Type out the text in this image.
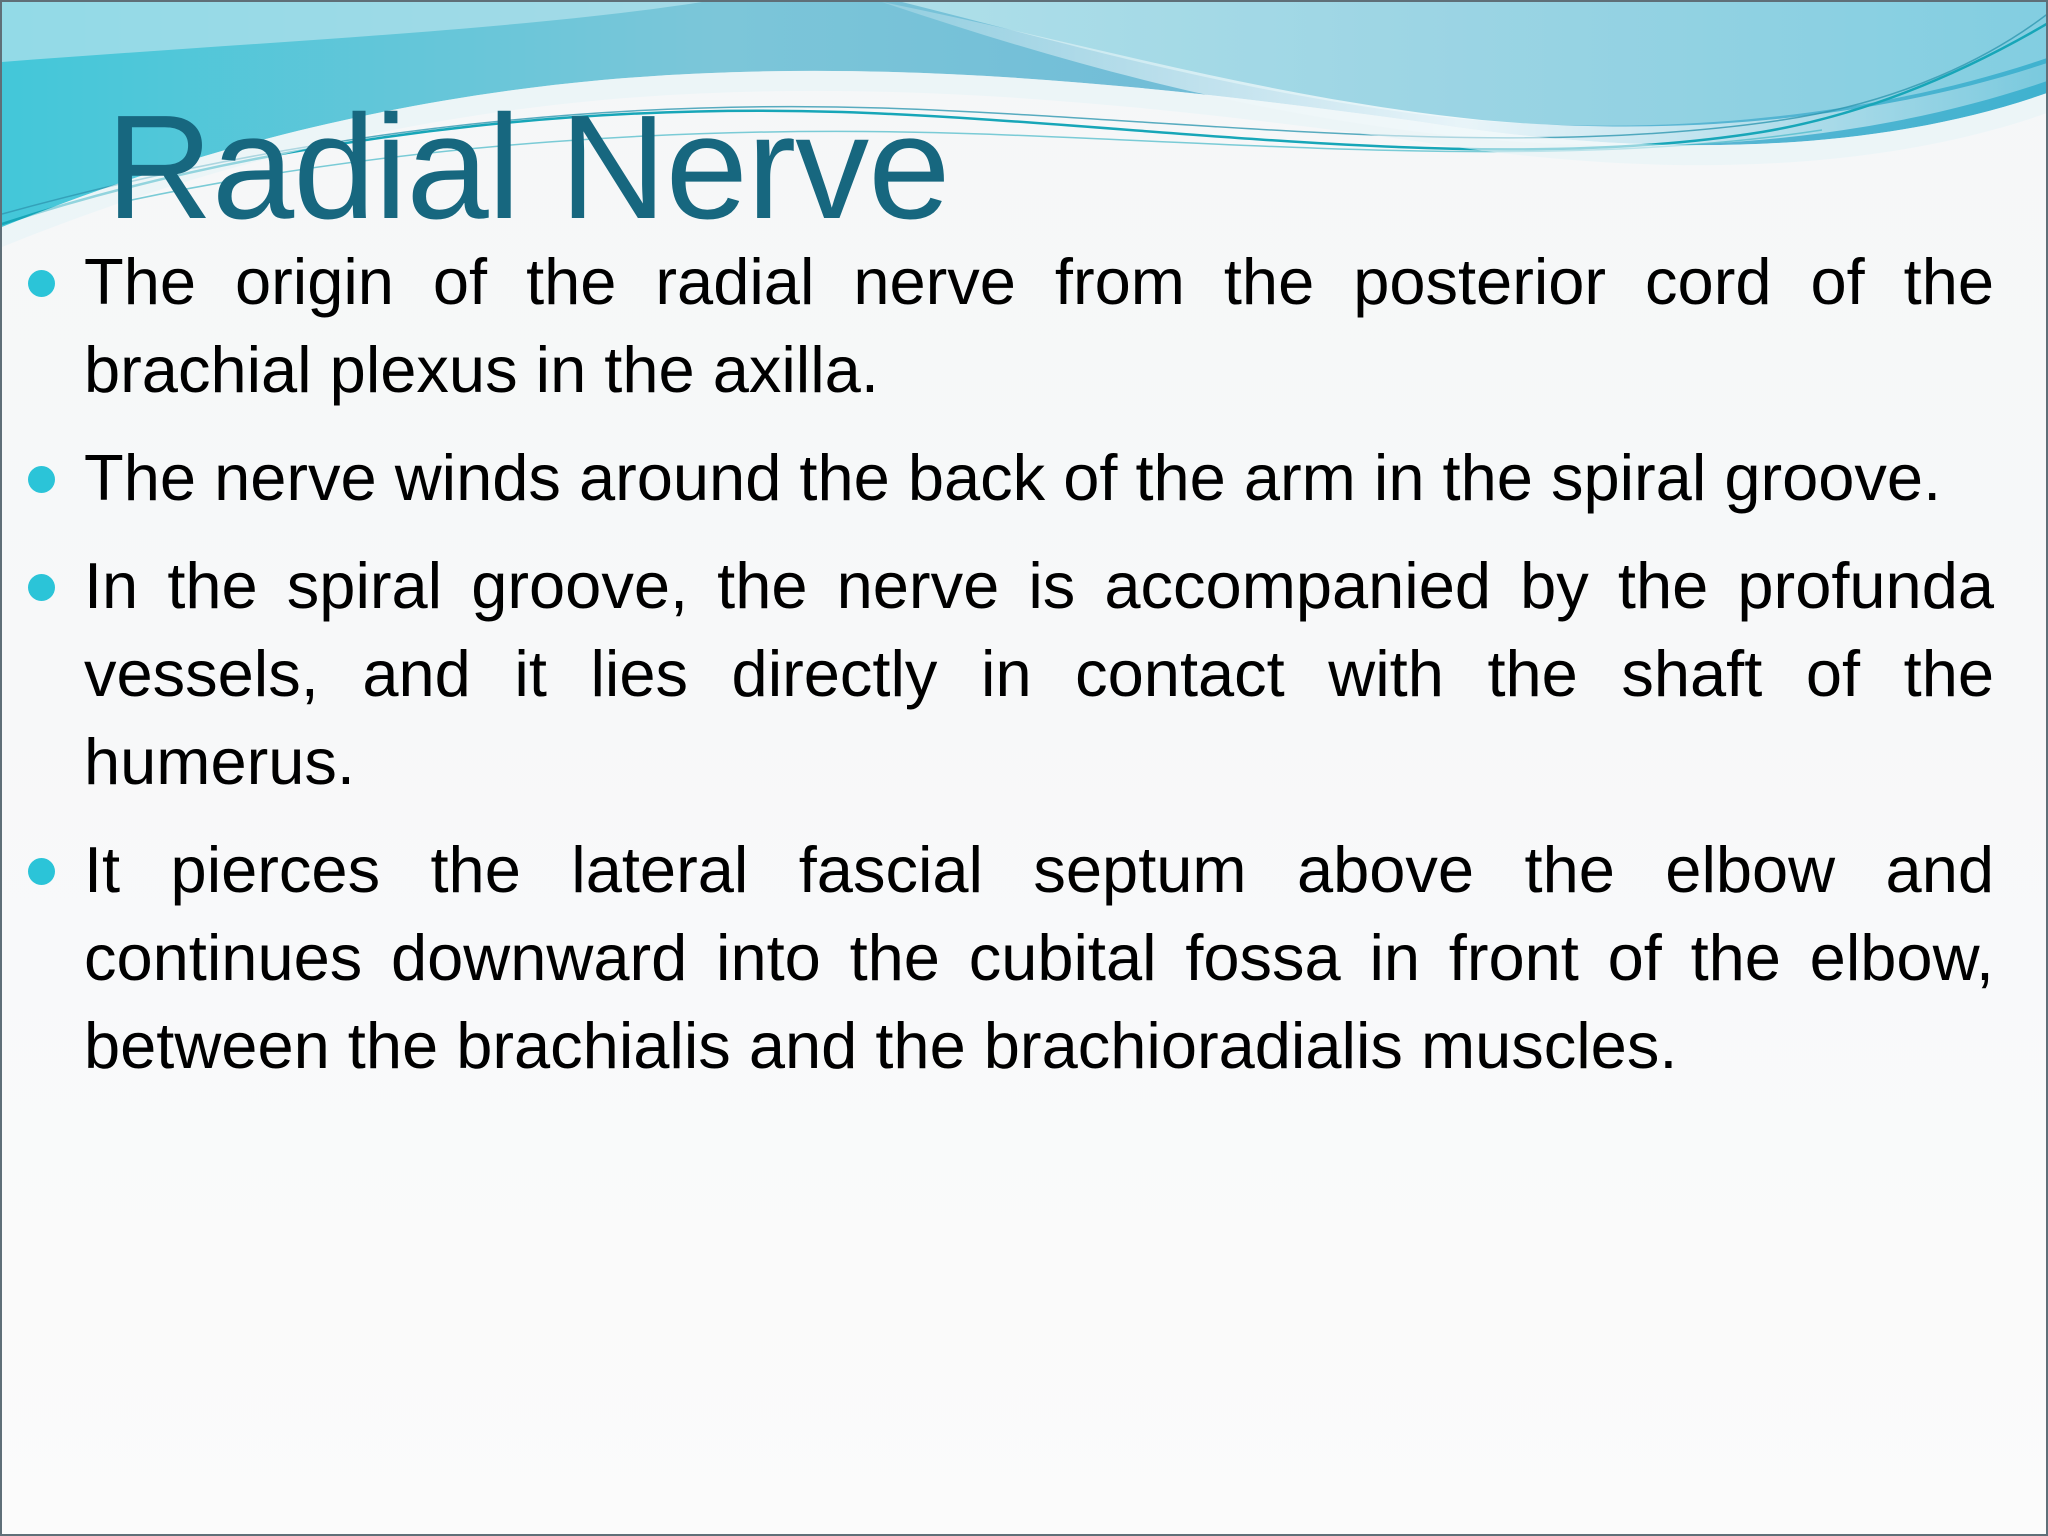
Radial Nerve
The origin of the radial nerve from the posterior cord of the brachial plexus in the axilla.
The nerve winds around the back of the arm in the spiral groove.
In the spiral groove, the nerve is accompanied by the profunda vessels, and it lies directly in contact with the shaft of the humerus.
It pierces the lateral fascial septum above the elbow and continues downward into the cubital fossa in front of the elbow, between the brachialis and the brachioradialis muscles.
